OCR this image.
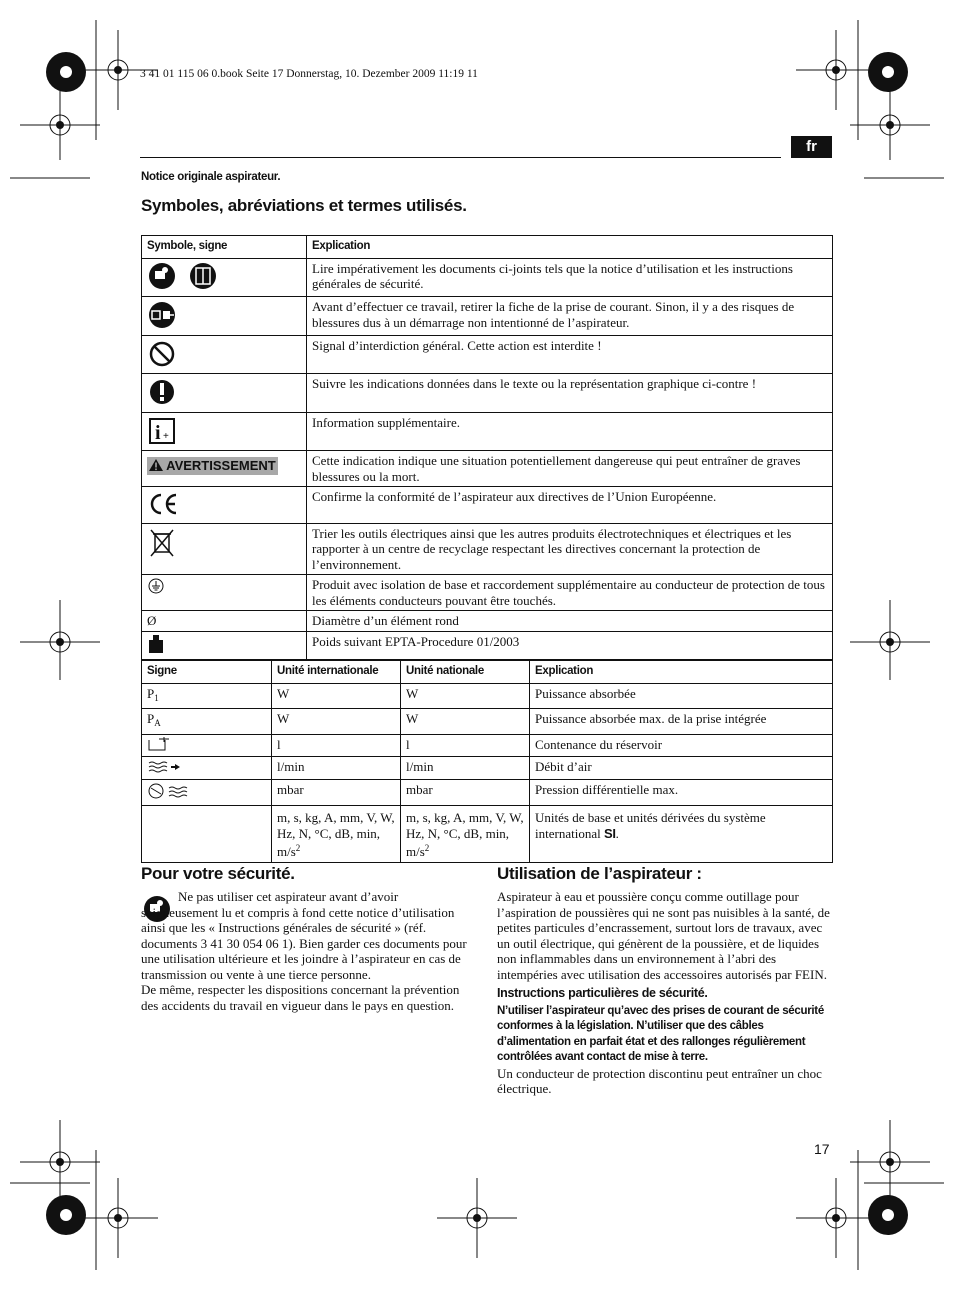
3 41 01 115 06 0.book Seite 17 Donnerstag, 10. Dezember 2009 11:19 11
fr
Notice originale aspirateur.
Symboles, abréviations et termes utilisés.
Symbole, signe	Explication
	Lire impérativement les documents ci-joints tels que la notice d’utilisation et les instructions générales de sécurité.
	Avant d’effectuer ce travail, retirer la fiche de la prise de courant. Sinon, il y a des risques de blessures dus à un démarrage non intentionné de l’aspirateur.
	Signal d’interdiction général. Cette action est interdite !
	Suivre les indications données dans le texte ou la représentation graphique ci-contre !

i +	Information supplémentaire.
AVERTISSEMENT	Cette indication indique une situation potentiellement dangereuse qui peut entraîner de graves blessures ou la mort.
	Confirme la conformité de l’aspirateur aux directives de l’Union Européenne.
	Trier les outils électriques ainsi que les autres produits électrotechniques et électriques et les rapporter à un centre de recyclage respectant les directives concernant la protection de l’environnement.
	Produit avec isolation de base et raccordement supplémentaire au conducteur de protection de tous les éléments conducteurs pouvant être touchés.
Ø	Diamètre d’un élément rond
	Poids suivant EPTA-Procedure 01/2003
Signe	Unité internationale	Unité nationale	Explication
$P_1$	W	W	Puissance absorbée
$P_A$	W	W	Puissance absorbée max. de la prise intégrée
	l	l	Contenance du réservoir
	l/min	l/min	Débit d’air
	mbar	mbar	Pression différentielle max.
	m, s, kg, A, mm, V, W, Hz, N, °C, dB, min, $m/s^2$	m, s, kg, A, mm, V, W, Hz, N, °C, dB, min, $m/s^2$	Unités de base et unités dérivées du système international SI.
Pour votre sécurité.
Ne pas utiliser cet aspirateur avant d’avoir soigneusement lu et compris à fond cette notice d’utilisation ainsi que les « Instructions générales de sécurité » (réf. documents 3 41 30 054 06 1). Bien garder ces documents pour une utilisation ultérieure et les joindre à l’aspirateur en cas de transmission ou vente à une tierce personne.
De même, respecter les dispositions concernant la prévention des accidents du travail en vigueur dans le pays en question.
Utilisation de l’aspirateur :
Aspirateur à eau et poussière conçu comme outillage pour l’aspiration de poussières qui ne sont pas nuisibles à la santé, de petites particules d’encrassement, surtout lors de travaux, avec un outil électrique, qui génèrent de la poussière, et de liquides non inflammables dans un environnement à l’abri des intempéries avec utilisation des accessoires autorisés par FEIN.
Instructions particulières de sécurité.
N’utiliser l’aspirateur qu’avec des prises de courant de sécurité conformes à la législation. N’utiliser que des câbles d’alimentation en parfait état et des rallonges régulièrement contrôlées avant contact de mise à terre.
Un conducteur de protection discontinu peut entraîner un choc électrique.
17
